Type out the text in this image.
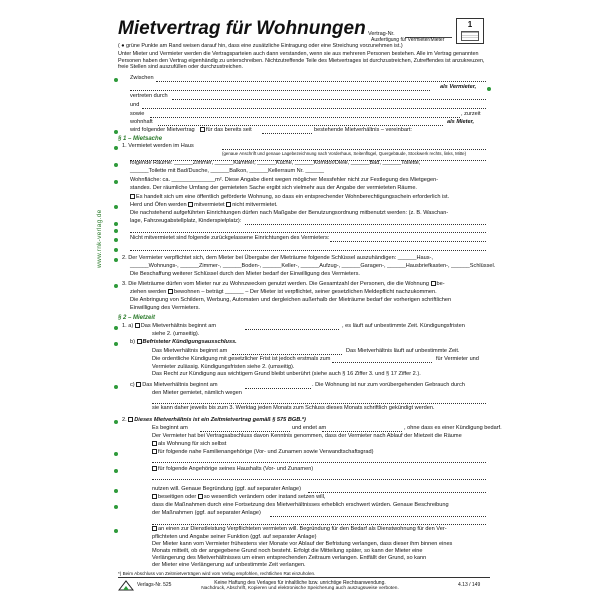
www.rnk-verlag.de
Mietvertrag für Wohnungen Vertrag-Nr.
Ausfertigung für Vermieter/Mieter
1
( ● grüne Punkte am Rand weisen darauf hin, dass eine zusätzliche Eintragung oder eine Streichung vorzunehmen ist.)
Unter Mieter und Vermieter werden die Vertragsparteien auch dann verstanden, wenn sie aus mehreren Personen bestehen. Alle im Vertrag genannten Personen haben den Vertrag eigenhändig zu unterschreiben. Nichtzutreffende Teile des Mietvertrages ist durchzustreichen, Zutreffendes ist anzukreuzen, freie Stellen sind auszufüllen oder durchzustreichen.
Zwischen
als Vermieter,
vertreten durch
und
sowie	, zurzeit
wohnhaft	als Mieter,
wird folgender Mietvertrag	für das bereits seit	bestehende Mietverhältnis – vereinbart:
§ 1 – Mietsache
1. Vermietet werden im Haus
(genaue Anschrift und genaue Lagebezeichnung nach Vorderhaus, Seitenflügel, Quergebäude, Stockwerk rechts, links, Mitte)
folgende Räume: ______Zimmer, ______Kammer, ______Küche, ______Korridor/Diele, ______Bad, ______Toilette,
______Toilette mit Bad/Dusche, ______Balkon, ______Kellerraum Nr. ______
Wohnfläche: ca. ______________m². Diese Angabe dient wegen möglicher Messfehler nicht zur Festlegung des Mietgegen-
standes. Der räumliche Umfang der gemieteten Sache ergibt sich vielmehr aus der Angabe der vermieteten Räume.
Es handelt sich um eine öffentlich geförderte Wohnung, so dass ein entsprechender Wohnberechtigungsschein erforderlich ist.
Herd und Öfen werden mitvermietet nicht mitvermietet.
Die nachstehend aufgeführten Einrichtungen dürfen nach Maßgabe der Benutzungsordnung mitbenutzt werden: (z. B. Waschan-
lage, Fahrzeugabstellplatz, Kinderspielplatz):
Nicht mitvermietet sind folgende zurückgelassene Einrichtungen des Vermieters:
2. Der Vermieter verpflichtet sich, dem Mieter bei Übergabe der Mieträume folgende Schlüssel auszuhändigen: ______Haus-,
______Wohnungs-, ______Zimmer-, ______Boden-, ______Keller-, ______Aufzug-, ______Garagen-, ______Hausbriefkasten-, ______Schlüssel.
Die Beschaffung weiterer Schlüssel durch den Mieter bedarf der Einwilligung des Vermieters.
3. Die Mieträume dürfen vom Mieter nur zu Wohnzwecken genutzt werden. Die Gesamtzahl der Personen, die die Wohnung be-
ziehen werden bewohnen – beträgt ______ – Der Mieter ist verpflichtet, seiner gesetzlichen Meldepflicht nachzukommen.
Die Anbringung von Schildern, Werbung, Automaten und dergleichen außerhalb der Mieträume bedarf der vorherigen schriftlichen
Einwilligung des Vermieters.
§ 2 – Mietzeit
1. a) Das Mietverhältnis beginnt am	, es läuft auf unbestimmte Zeit. Kündigungsfristen
siehe 2. (umseitig).
b) Befristeter Kündigungsausschluss.
Das Mietverhältnis beginnt am	Das Mietverhältnis läuft auf unbestimmte Zeit.
Die ordentliche Kündigung mit gesetzlicher Frist ist jedoch erstmals zum	für Vermieter und
Vermieter zulässig. Kündigungsfristen siehe 2. (umseitig).
Das Recht zur Kündigung aus wichtigem Grund bleibt unberührt (siehe auch § 16 Ziffer 3. und § 17 Ziffer 2.).
c) Das Mietverhältnis beginnt am	. Die Wohnung ist nur zum vorübergehenden Gebrauch durch
den Mieter gemietet, nämlich wegen
sie kann daher jeweils bis zum 3. Werktag jeden Monats zum Schluss dieses Monats schriftlich gekündigt werden.
2. Dieses Mietverhältnis ist ein Zeitmietvertrag gemäß § 575 BGB.*)
Es beginnt am	und endet am	, ohne dass es einer Kündigung bedarf.
Der Vermieter hat bei Vertragsabschluss davon Kenntnis genommen, dass der Vermieter nach Ablauf der Mietzeit die Räume
als Wohnung für sich selbst
für folgende nahe Familienangehörige (Vor- und Zunamen sowie Verwandtschaftsgrad)
für folgende Angehörige seines Haushalts (Vor- und Zunamen)
nutzen will. Genaue Begründung (ggf. auf separater Anlage)
beseitigen oder so wesentlich verändern oder instand setzen will,
dass die Maßnahmen durch eine Fortsetzung des Mietverhältnisses erheblich erschwert würden. Genaue Beschreibung
der Maßnahmen (ggf. auf separater Anlage)
an einen zur Dienstleistung Verpflichteten vermieten will. Begründung für den Bedarf als Dienstwohnung für den Ver-
pflichteten und Angabe seiner Funktion (ggf. auf separater Anlage)
Der Mieter kann vom Vermieter frühestens vier Monate vor Ablauf der Befristung verlangen, dass dieser ihm binnen eines
Monats mitteilt, ob der angegebene Grund noch besteht. Erfolgt die Mitteilung später, so kann der Mieter eine
Verlängerung des Mietverhältnisses um einen entsprechenden Zeitraum verlangen. Entfällt der Grund, so kann
der Mieter eine Verlängerung auf unbestimmte Zeit verlangen.
*) Beim Abschluss von Zeitmietverträgen wird vom Verlag empfohlen, rechtlichen Rat einzuholen.
Verlags-Nr. 525	Keine Haftung des Verlages für inhaltliche bzw. unrichtige Rechtsanwendung.
Nachdruck, Abschrift, Kopieren und elektronische Speicherung auch auszugsweise verboten.
4.13 / 149
